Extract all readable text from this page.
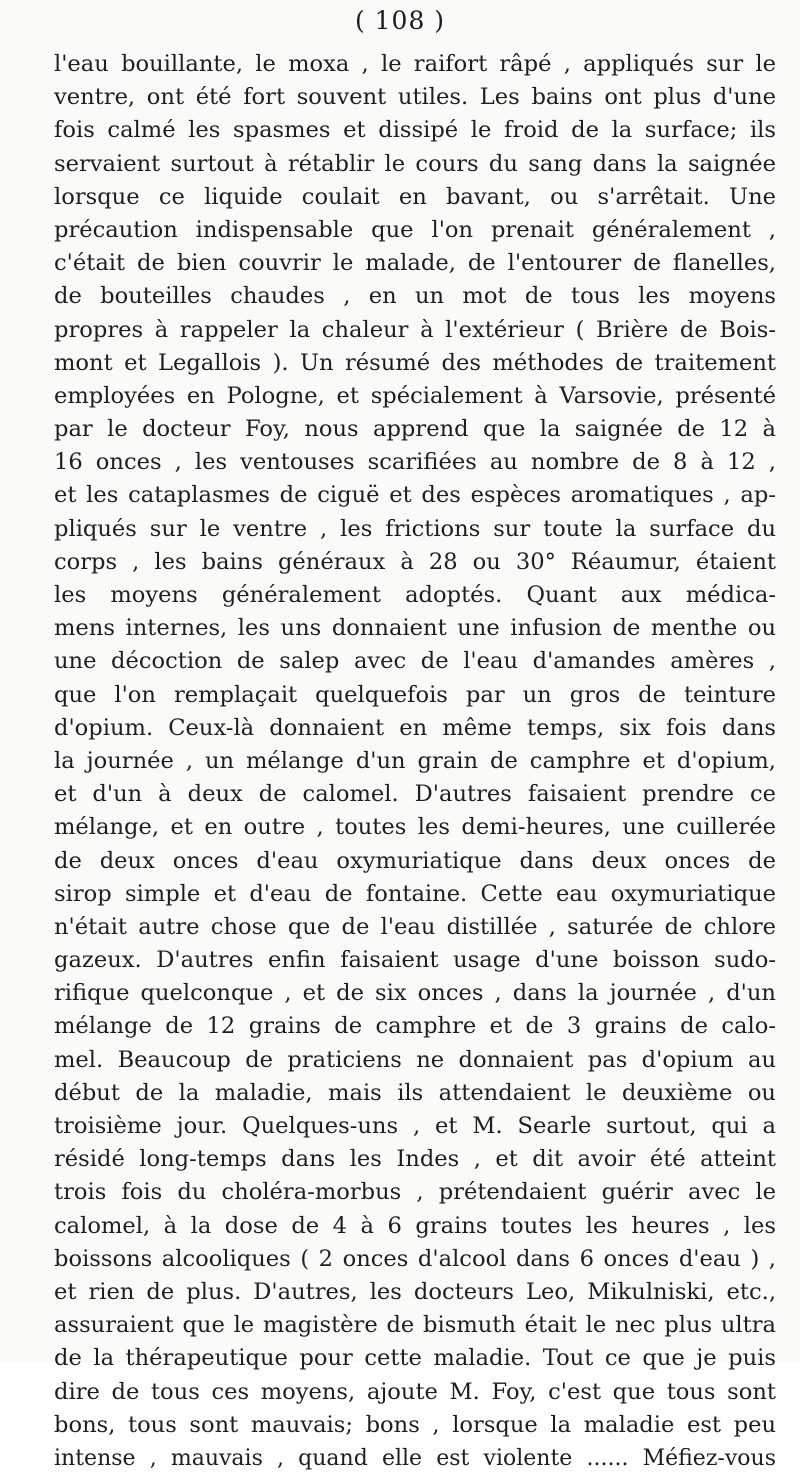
( 108 )
l'eau bouillante, le moxa , le raifort râpé , appliqués sur le
ventre, ont été fort souvent utiles. Les bains ont plus d'une
fois calmé les spasmes et dissipé le froid de la surface; ils
servaient surtout à rétablir le cours du sang dans la saignée
lorsque ce liquide coulait en bavant, ou s'arrêtait. Une
précaution indispensable que l'on prenait généralement ,
c'était de bien couvrir le malade, de l'entourer de flanelles,
de bouteilles chaudes , en un mot de tous les moyens
propres à rappeler la chaleur à l'extérieur ( Brière de Bois-
mont et Legallois ). Un résumé des méthodes de traitement
employées en Pologne, et spécialement à Varsovie, présenté
par le docteur Foy, nous apprend que la saignée de 12 à
16 onces , les ventouses scarifiées au nombre de 8 à 12 ,
et les cataplasmes de ciguë et des espèces aromatiques , ap-
pliqués sur le ventre , les frictions sur toute la surface du
corps , les bains généraux à 28 ou 30° Réaumur, étaient
les moyens généralement adoptés. Quant aux médica-
mens internes, les uns donnaient une infusion de menthe ou
une décoction de salep avec de l'eau d'amandes amères ,
que l'on remplaçait quelquefois par un gros de teinture
d'opium. Ceux-là donnaient en même temps, six fois dans
la journée , un mélange d'un grain de camphre et d'opium,
et d'un à deux de calomel. D'autres faisaient prendre ce
mélange, et en outre , toutes les demi-heures, une cuillerée
de deux onces d'eau oxymuriatique dans deux onces de
sirop simple et d'eau de fontaine. Cette eau oxymuriatique
n'était autre chose que de l'eau distillée , saturée de chlore
gazeux. D'autres enfin faisaient usage d'une boisson sudo-
rifique quelconque , et de six onces , dans la journée , d'un
mélange de 12 grains de camphre et de 3 grains de calo-
mel. Beaucoup de praticiens ne donnaient pas d'opium au
début de la maladie, mais ils attendaient le deuxième ou
troisième jour. Quelques-uns , et M. Searle surtout, qui a
résidé long-temps dans les Indes , et dit avoir été atteint
trois fois du choléra-morbus , prétendaient guérir avec le
calomel, à la dose de 4 à 6 grains toutes les heures , les
boissons alcooliques ( 2 onces d'alcool dans 6 onces d'eau ) ,
et rien de plus. D'autres, les docteurs Leo, Mikulniski, etc.,
assuraient que le magistère de bismuth était le nec plus ultra
de la thérapeutique pour cette maladie. Tout ce que je puis
dire de tous ces moyens, ajoute M. Foy, c'est que tous sont
bons, tous sont mauvais; bons , lorsque la maladie est peu
intense , mauvais , quand elle est violente ...... Méfiez-vous
